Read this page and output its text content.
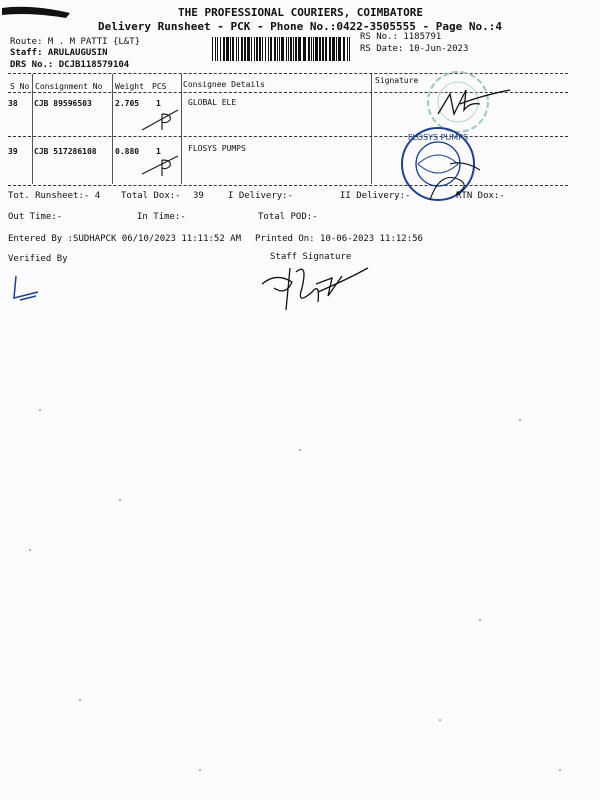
THE PROFESSIONAL COURIERS, COIMBATORE
Delivery Runsheet - PCK - Phone No.:0422-3505555 - Page No.:4
Route: M . M PATTI {L&T}
Staff: ARULAUGUSIN
DRS No.: DCJB118579104
RS No.: 1185791
RS Date: 10-Jun-2023
S No Consignment No Weight PCS Consignee Details	Signature
38 CJB 89596503	2.705 1	GLOBAL ELE
39 CJB 517286108 0.880 1	FLOSYS PUMPS
FLOSYS PUMPS
Tot. Runsheet:- 4 Total Dox:- 39	I Delivery:-	II Delivery:-	RTN Dox:-
Out Time:-	In Time:-	Total POD:-
Entered By :SUDHAPCK 06/10/2023 11:11:52 AM Printed On: 10-06-2023 11:12:56
Verified By	Staff Signature
